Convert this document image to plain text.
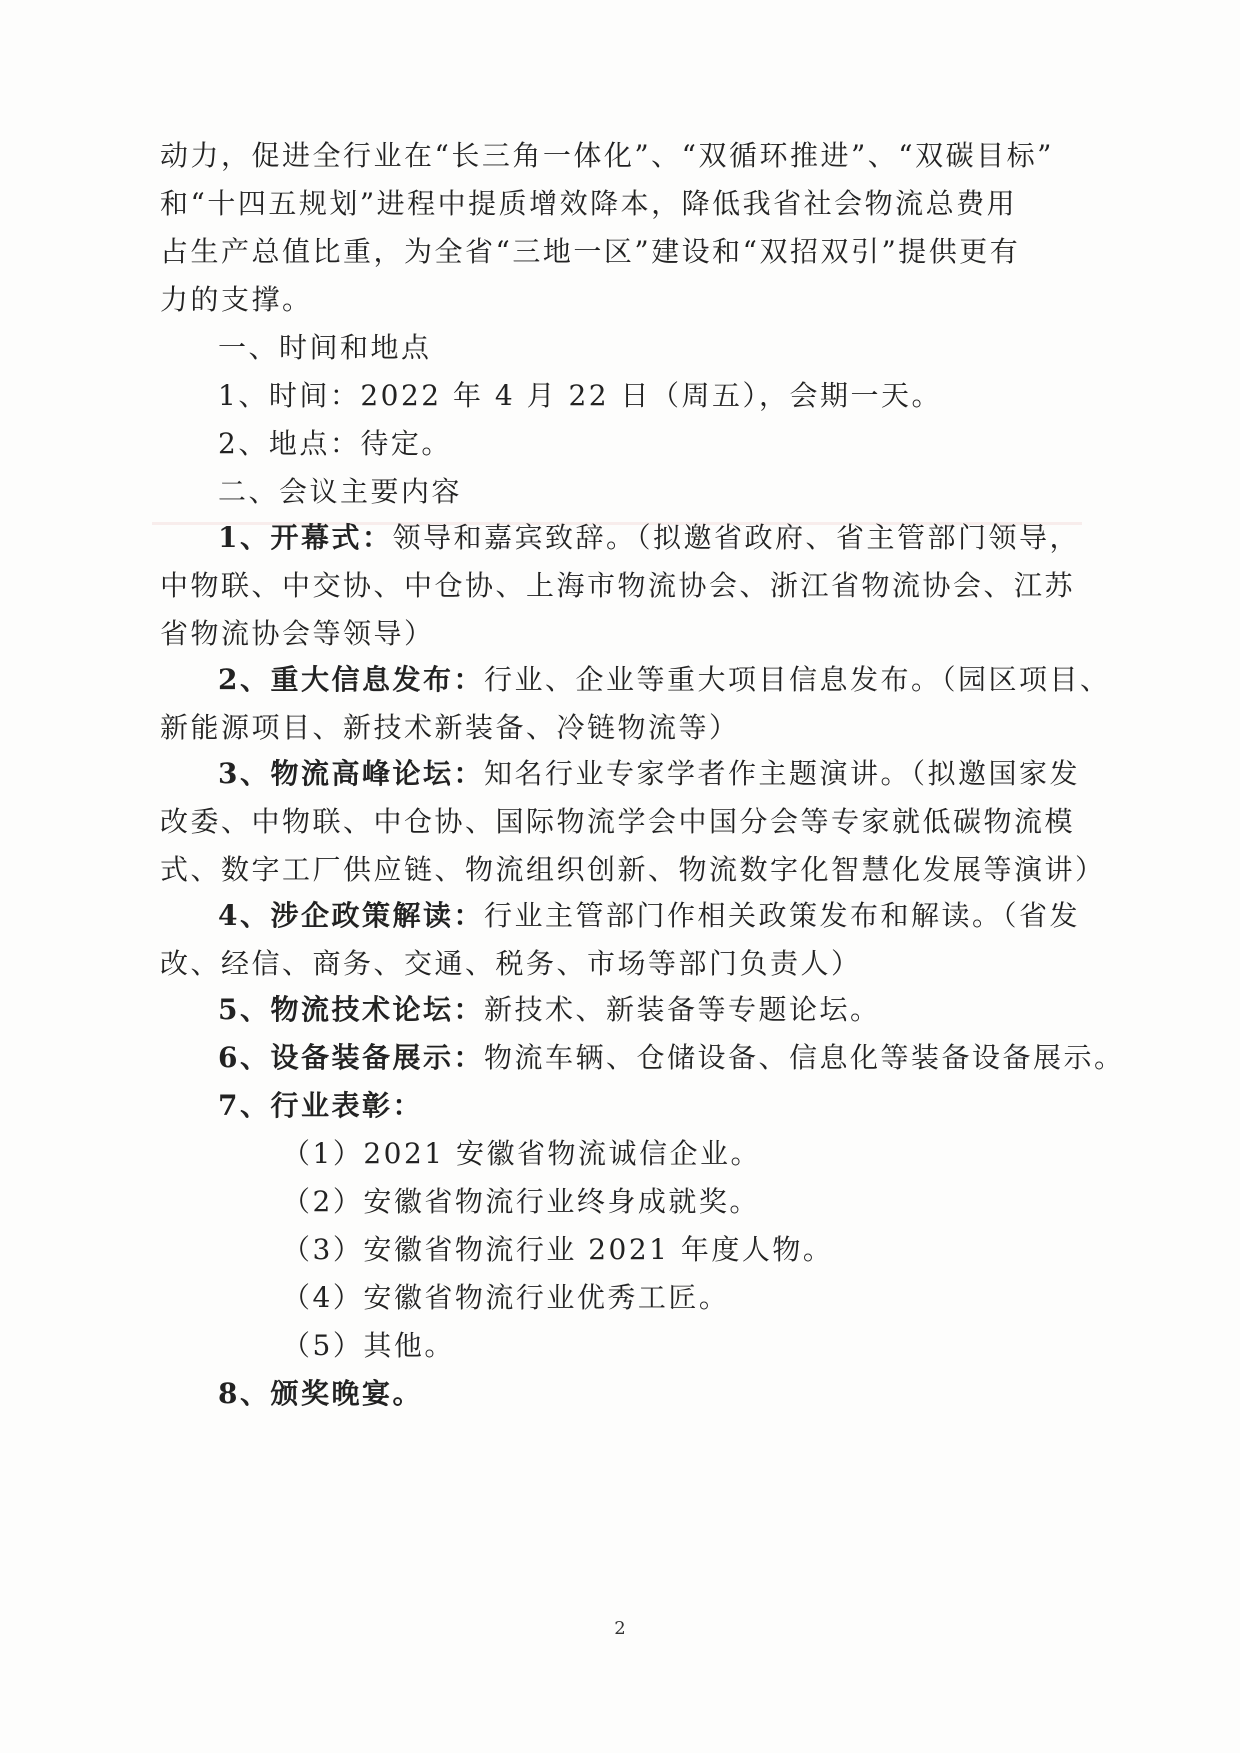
动力，促进全行业在“长三角一体化”、“双循环推进”、“双碳目标”
和“十四五规划”进程中提质增效降本，降低我省社会物流总费用
占生产总值比重，为全省“三地一区”建设和“双招双引”提供更有
力的支撑。
一、时间和地点
1、时间：2022 年 4 月 22 日（周五），会期一天。
2、地点：待定。
二、会议主要内容
1、开幕式：领导和嘉宾致辞。（拟邀省政府、省主管部门领导，
中物联、中交协、中仓协、上海市物流协会、浙江省物流协会、江苏
省物流协会等领导）
2、重大信息发布：行业、企业等重大项目信息发布。（园区项目、
新能源项目、新技术新装备、冷链物流等）
3、物流高峰论坛：知名行业专家学者作主题演讲。（拟邀国家发
改委、中物联、中仓协、国际物流学会中国分会等专家就低碳物流模
式、数字工厂供应链、物流组织创新、物流数字化智慧化发展等演讲）
4、涉企政策解读：行业主管部门作相关政策发布和解读。（省发
改、经信、商务、交通、税务、市场等部门负责人）
5、物流技术论坛：新技术、新装备等专题论坛。
6、设备装备展示：物流车辆、仓储设备、信息化等装备设备展示。
7、行业表彰：
（1）2021 安徽省物流诚信企业。
（2）安徽省物流行业终身成就奖。
（3）安徽省物流行业 2021 年度人物。
（4）安徽省物流行业优秀工匠。
（5）其他。
8、颁奖晚宴。
2
